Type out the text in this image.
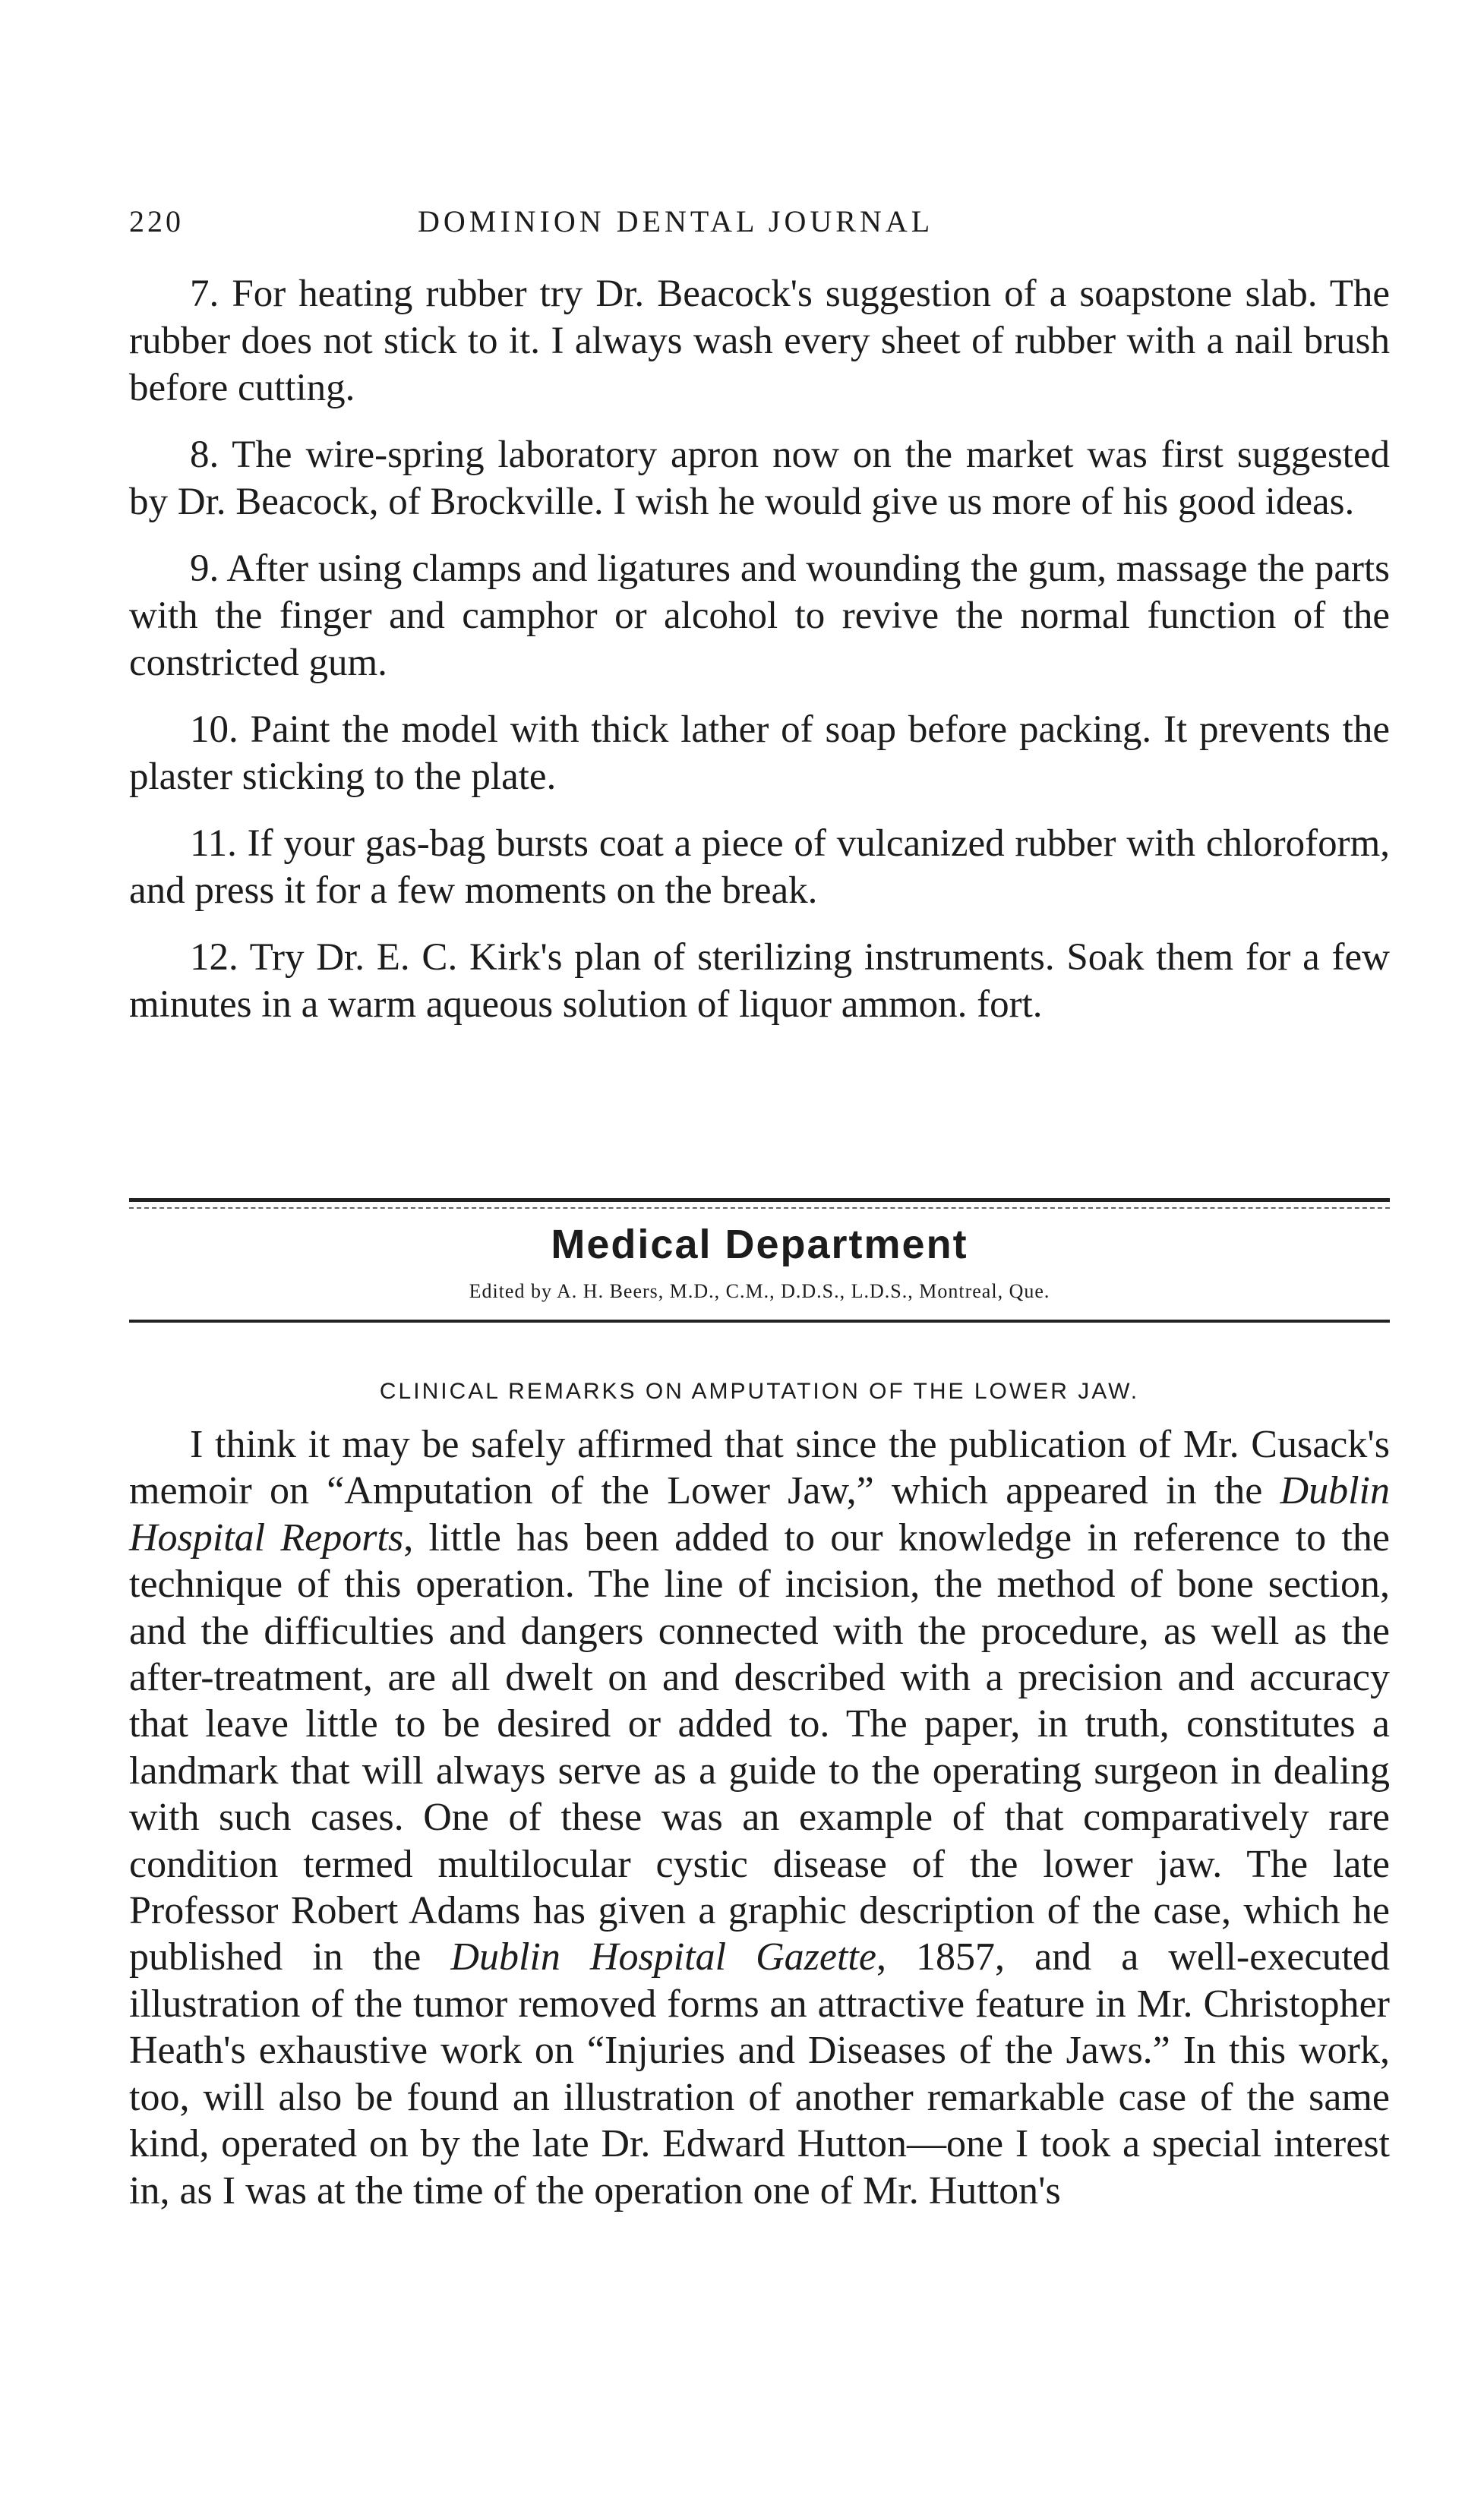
220	DOMINION DENTAL JOURNAL

7. For heating rubber try Dr. Beacock's suggestion of a soapstone slab. The rubber does not stick to it. I always wash every sheet of rubber with a nail brush before cutting.

8. The wire-spring laboratory apron now on the market was first suggested by Dr. Beacock, of Brockville. I wish he would give us more of his good ideas.

9. After using clamps and ligatures and wounding the gum, massage the parts with the finger and camphor or alcohol to revive the normal function of the constricted gum.

10. Paint the model with thick lather of soap before packing. It prevents the plaster sticking to the plate.

11. If your gas-bag bursts coat a piece of vulcanized rubber with chloroform, and press it for a few moments on the break.

12. Try Dr. E. C. Kirk's plan of sterilizing instruments. Soak them for a few minutes in a warm aqueous solution of liquor ammon. fort.

Medical Department
Edited by A. H. Beers, M.D., C.M., D.D.S., L.D.S., Montreal, Que.
CLINICAL REMARKS ON AMPUTATION OF THE LOWER JAW.

I think it may be safely affirmed that since the publication of Mr. Cusack's memoir on “Amputation of the Lower Jaw,” which appeared in the Dublin Hospital Reports, little has been added to our knowledge in reference to the technique of this operation. The line of incision, the method of bone section, and the difficulties and dangers connected with the procedure, as well as the after-treatment, are all dwelt on and described with a precision and accuracy that leave little to be desired or added to. The paper, in truth, constitutes a landmark that will always serve as a guide to the operating surgeon in dealing with such cases. One of these was an example of that comparatively rare condition termed multilocular cystic disease of the lower jaw. The late Professor Robert Adams has given a graphic description of the case, which he published in the Dublin Hospital Gazette, 1857, and a well-executed illustration of the tumor removed forms an attractive feature in Mr. Christopher Heath's exhaustive work on “Injuries and Diseases of the Jaws.” In this work, too, will also be found an illustration of another remarkable case of the same kind, operated on by the late Dr. Edward Hutton—one I took a special interest in, as I was at the time of the operation one of Mr. Hutton's
